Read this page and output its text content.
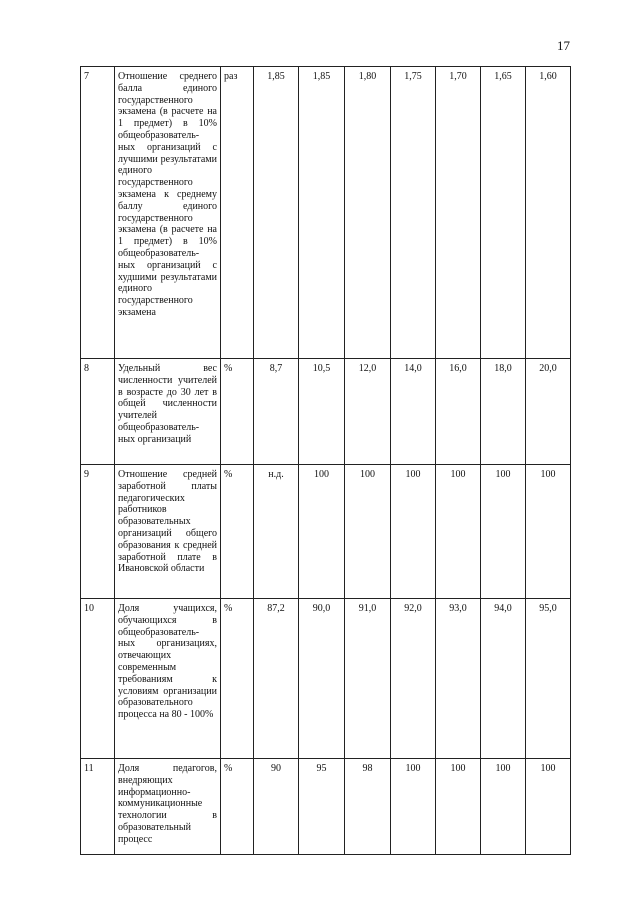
17
7	Отношение среднего балла единого государственного экзамена (в расчете на 1 предмет) в 10% общеобразователь- ных организаций с лучшими результатами единого государственного экзамена к среднему баллу единого государственного экзамена (в расчете на 1 предмет) в 10% общеобразователь- ных организаций с худшими результатами единого государственного экзамена	раз	1,85	1,85	1,80	1,75	1,70	1,65	1,60
8	Удельный вес численности учителей в возрасте до 30 лет в общей численности учителей общеобразователь- ных организаций	%	8,7	10,5	12,0	14,0	16,0	18,0	20,0
9	Отношение средней заработной платы педагогических работников образовательных организаций общего образования к средней заработной плате в Ивановской области	%	н.д.	100	100	100	100	100	100
10	Доля учащихся, обучающихся в общеобразователь- ных организациях, отвечающих современным требованиям к условиям организации образовательного процесса на 80 - 100%	%	87,2	90,0	91,0	92,0	93,0	94,0	95,0
11	Доля педагогов, внедряющих информационно- коммуникационные технологии в образовательный процесс	%	90	95	98	100	100	100	100
